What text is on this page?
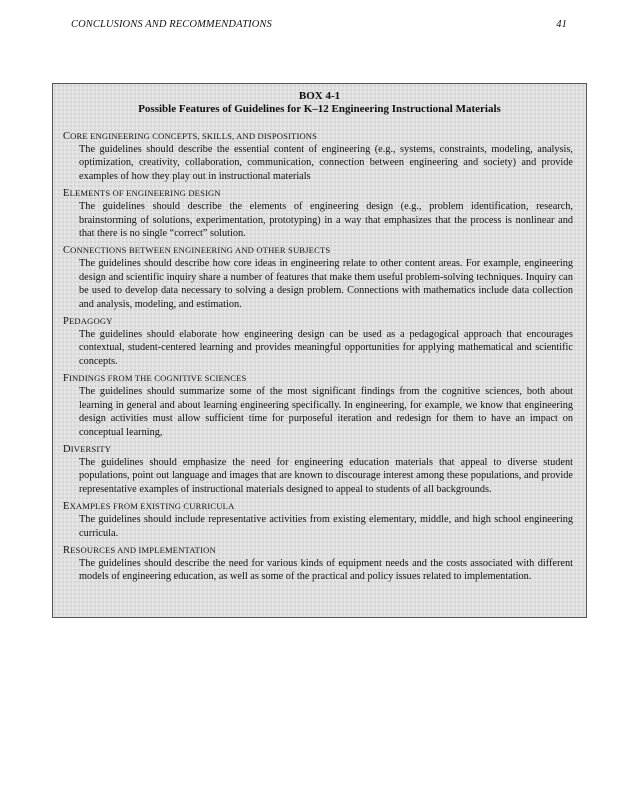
CONCLUSIONS AND RECOMMENDATIONS	41
BOX 4-1
Possible Features of Guidelines for K–12 Engineering Instructional Materials
CORE ENGINEERING CONCEPTS, SKILLS, AND DISPOSITIONS
The guidelines should describe the essential content of engineering (e.g., systems, constraints, modeling, analysis, optimization, creativity, collaboration, communication, connection between engineering and society) and provide examples of how they play out in instructional materials
ELEMENTS OF ENGINEERING DESIGN
The guidelines should describe the elements of engineering design (e.g., problem identification, research, brainstorming of solutions, experimentation, prototyping) in a way that emphasizes that the process is nonlinear and that there is no single “correct” solution.
CONNECTIONS BETWEEN ENGINEERING AND OTHER SUBJECTS
The guidelines should describe how core ideas in engineering relate to other content areas. For example, engineering design and scientific inquiry share a number of features that make them useful problem-solving techniques. Inquiry can be used to develop data necessary to solving a design problem. Connections with mathematics include data collection and analysis, modeling, and estimation.
PEDAGOGY
The guidelines should elaborate how engineering design can be used as a pedagogical approach that encourages contextual, student-centered learning and provides meaningful opportunities for applying mathematical and scientific concepts.
FINDINGS FROM THE COGNITIVE SCIENCES
The guidelines should summarize some of the most significant findings from the cognitive sciences, both about learning in general and about learning engineering specifically. In engineering, for example, we know that engineering design activities must allow sufficient time for purposeful iteration and redesign for them to have an impact on conceptual learning,
DIVERSITY
The guidelines should emphasize the need for engineering education materials that appeal to diverse student populations, point out language and images that are known to discourage interest among these populations, and provide representative examples of instructional materials designed to appeal to students of all backgrounds.
EXAMPLES FROM EXISTING CURRICULA
The guidelines should include representative activities from existing elementary, middle, and high school engineering curricula.
RESOURCES AND IMPLEMENTATION
The guidelines should describe the need for various kinds of equipment needs and the costs associated with different models of engineering education, as well as some of the practical and policy issues related to implementation.
